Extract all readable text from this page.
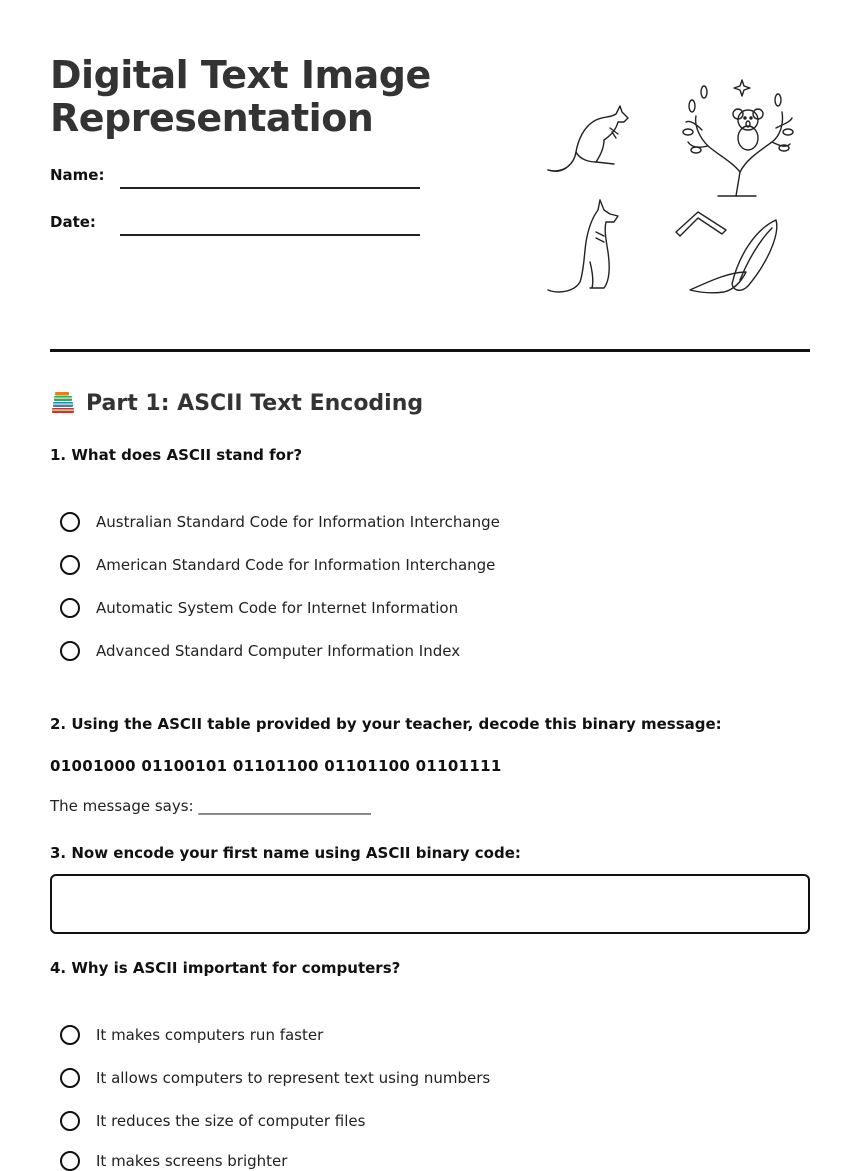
Digital Text Image
Representation
Name:
Date:
Part 1: ASCII Text Encoding
1. What does ASCII stand for?
Australian Standard Code for Information Interchange
American Standard Code for Information Interchange
Automatic System Code for Internet Information
Advanced Standard Computer Information Index
2. Using the ASCII table provided by your teacher, decode this binary message:
01001000 01100101 01101100 01101100 01101111
The message says: _______________________
3. Now encode your first name using ASCII binary code:
4. Why is ASCII important for computers?
It makes computers run faster
It allows computers to represent text using numbers
It reduces the size of computer files
It makes screens brighter
